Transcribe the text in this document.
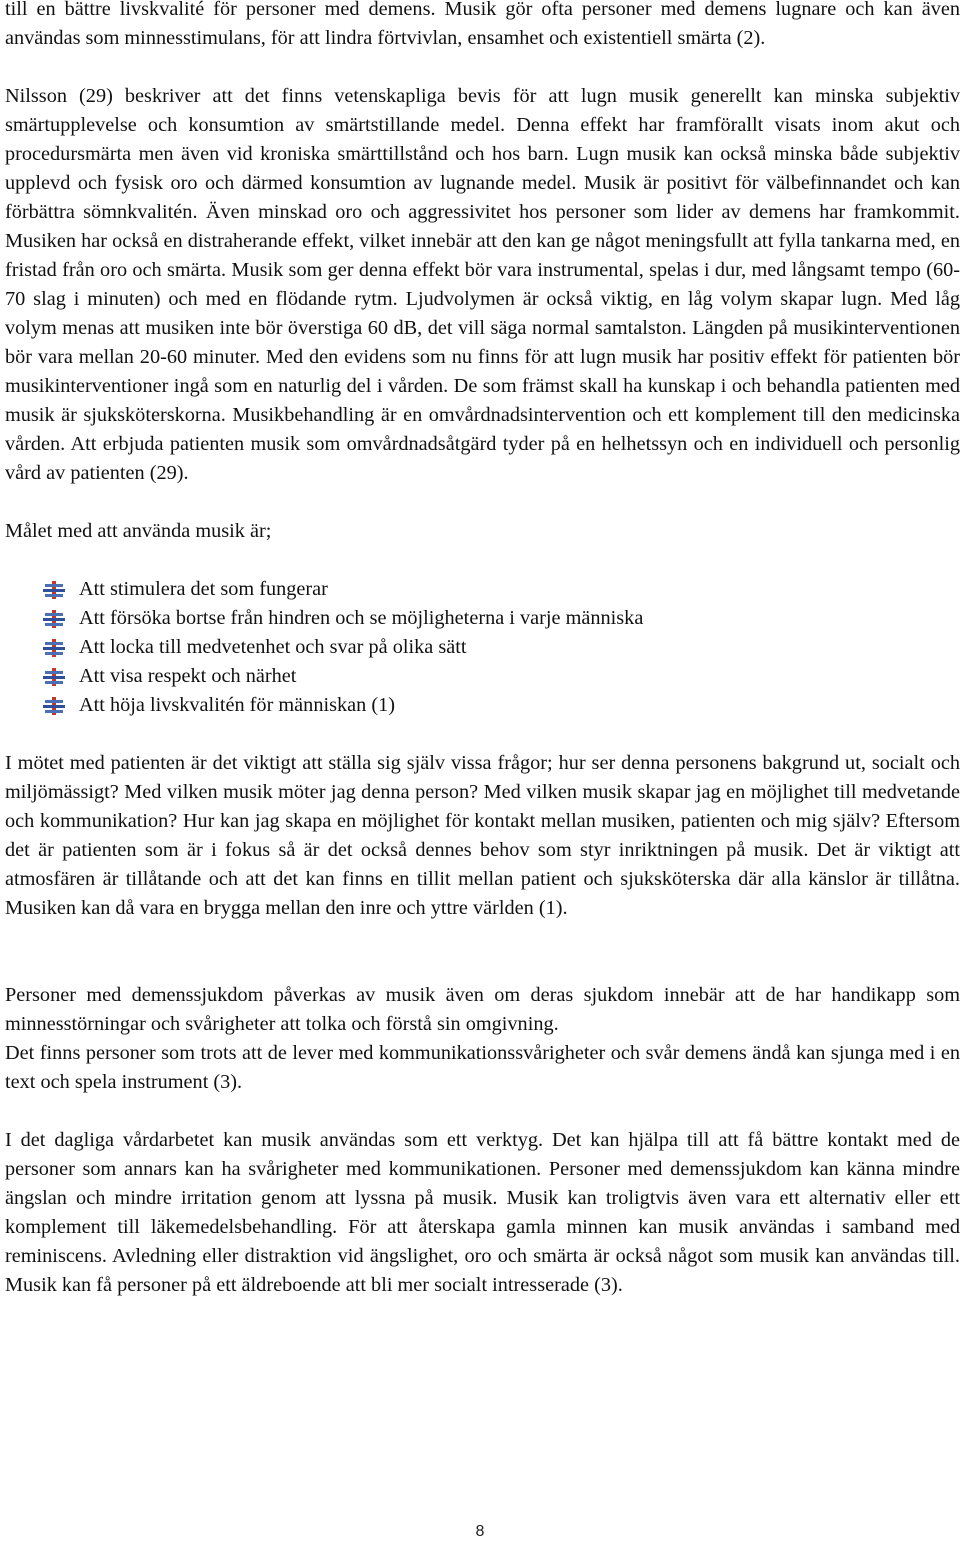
till en bättre livskvalité för personer med demens. Musik gör ofta personer med demens lugnare och kan även användas som minnesstimulans, för att lindra förtvivlan, ensamhet och existentiell smärta (2).

Nilsson (29) beskriver att det finns vetenskapliga bevis för att lugn musik generellt kan minska subjektiv smärtupplevelse och konsumtion av smärtstillande medel. Denna effekt har framförallt visats inom akut och procedursmärta men även vid kroniska smärttillstånd och hos barn. Lugn musik kan också minska både subjektiv upplevd och fysisk oro och därmed konsumtion av lugnande medel. Musik är positivt för välbefinnandet och kan förbättra sömnkvalitén. Även minskad oro och aggressivitet hos personer som lider av demens har framkommit. Musiken har också en distraherande effekt, vilket innebär att den kan ge något meningsfullt att fylla tankarna med, en fristad från oro och smärta. Musik som ger denna effekt bör vara instrumental, spelas i dur, med långsamt tempo (60-70 slag i minuten) och med en flödande rytm. Ljudvolymen är också viktig, en låg volym skapar lugn. Med låg volym menas att musiken inte bör överstiga 60 dB, det vill säga normal samtalston. Längden på musikinterventionen bör vara mellan 20-60 minuter. Med den evidens som nu finns för att lugn musik har positiv effekt för patienten bör musikinterventioner ingå som en naturlig del i vården. De som främst skall ha kunskap i och behandla patienten med musik är sjuksköterskorna. Musikbehandling är en omvårdnadsintervention och ett komplement till den medicinska vården. Att erbjuda patienten musik som omvårdnadsåtgärd tyder på en helhetssyn och en individuell och personlig vård av patienten (29).

Målet med att använda musik är;

Att stimulera det som fungerar
Att försöka bortse från hindren och se möjligheterna i varje människa
Att locka till medvetenhet och svar på olika sätt
Att visa respekt och närhet
Att höja livskvalitén för människan (1)

I mötet med patienten är det viktigt att ställa sig själv vissa frågor; hur ser denna personens bakgrund ut, socialt och miljömässigt? Med vilken musik möter jag denna person? Med vilken musik skapar jag en möjlighet till medvetande och kommunikation? Hur kan jag skapa en möjlighet för kontakt mellan musiken, patienten och mig själv? Eftersom det är patienten som är i fokus så är det också dennes behov som styr inriktningen på musik. Det är viktigt att atmosfären är tillåtande och att det kan finns en tillit mellan patient och sjuksköterska där alla känslor är tillåtna. Musiken kan då vara en brygga mellan den inre och yttre världen (1).

Personer med demenssjukdom påverkas av musik även om deras sjukdom innebär att de har handikapp som minnesstörningar och svårigheter att tolka och förstå sin omgivning.

Det finns personer som trots att de lever med kommunikationssvårigheter och svår demens ändå kan sjunga med i en text och spela instrument (3).

I det dagliga vårdarbetet kan musik användas som ett verktyg. Det kan hjälpa till att få bättre kontakt med de personer som annars kan ha svårigheter med kommunikationen. Personer med demenssjukdom kan känna mindre ängslan och mindre irritation genom att lyssna på musik. Musik kan troligtvis även vara ett alternativ eller ett komplement till läkemedelsbehandling. För att återskapa gamla minnen kan musik användas i samband med reminiscens. Avledning eller distraktion vid ängslighet, oro och smärta är också något som musik kan användas till. Musik kan få personer på ett äldreboende att bli mer socialt intresserade (3).

8
